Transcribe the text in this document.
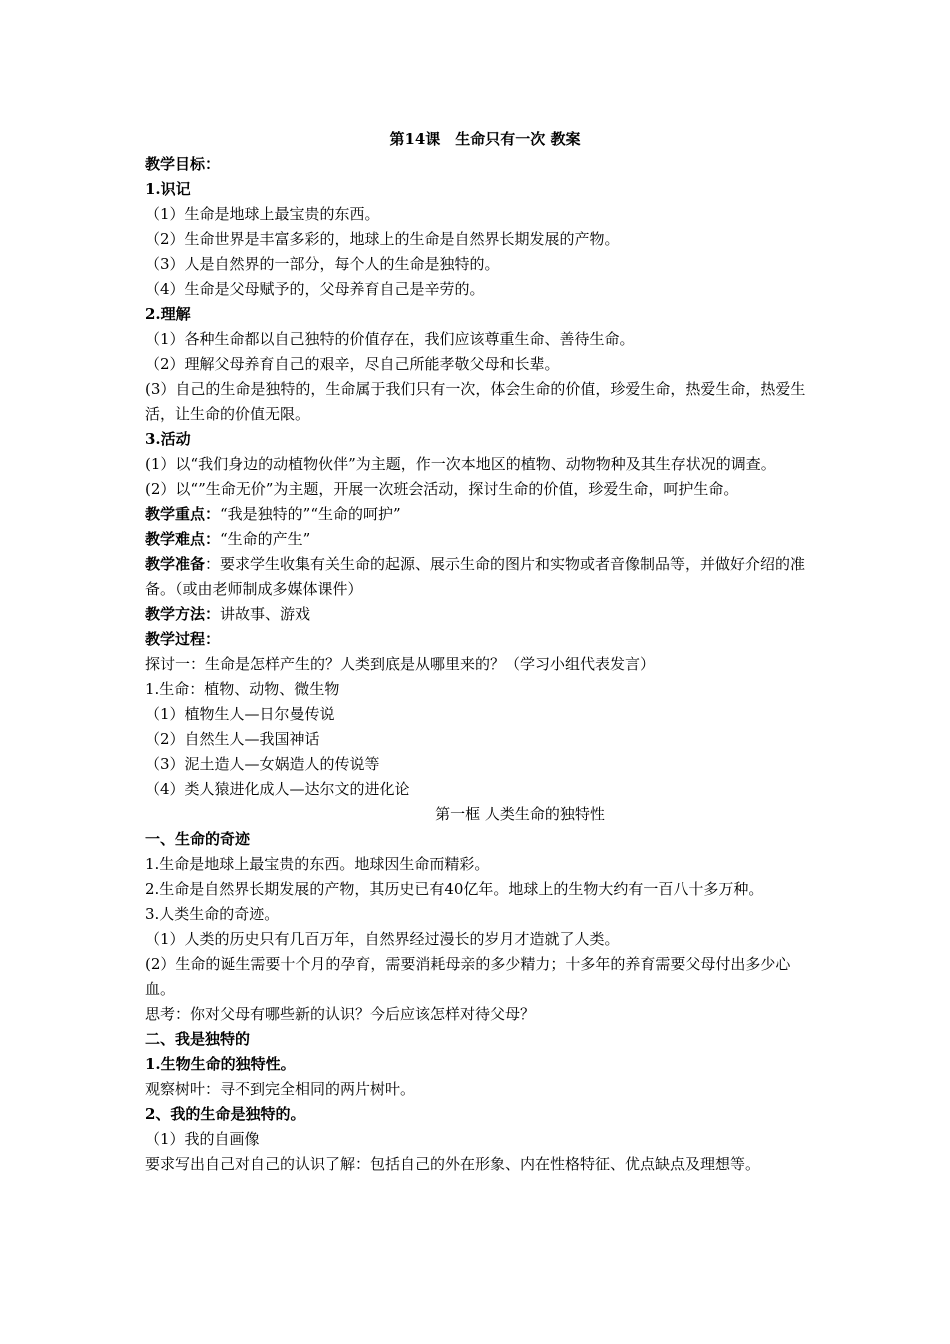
第14课　生命只有一次 教案

教学目标：

1.识记

（1）生命是地球上最宝贵的东西。

（2）生命世界是丰富多彩的，地球上的生命是自然界长期发展的产物。

（3）人是自然界的一部分，每个人的生命是独特的。

（4）生命是父母赋予的，父母养育自己是辛劳的。

2.理解

（1）各种生命都以自己独特的价值存在，我们应该尊重生命、善待生命。

（2）理解父母养育自己的艰辛，尽自己所能孝敬父母和长辈。

(3）自己的生命是独特的，生命属于我们只有一次，体会生命的价值，珍爱生命，热爱生命，热爱生活，让生命的价值无限。

3.活动

(1）以“我们身边的动植物伙伴”为主题，作一次本地区的植物、动物物种及其生存状况的调查。

(2）以“”生命无价”为主题，开展一次班会活动，探讨生命的价值，珍爱生命，呵护生命。

教学重点：“我是独特的”“生命的呵护”

教学难点：“生命的产生”

教学准备：要求学生收集有关生命的起源、展示生命的图片和实物或者音像制品等，并做好介绍的准备。（或由老师制成多媒体课件）

教学方法：讲故事、游戏

教学过程：

探讨一：生命是怎样产生的？人类到底是从哪里来的？（学习小组代表发言）

1.生命：植物、动物、微生物

（1）植物生人—日尔曼传说

（2）自然生人—我国神话

（3）泥土造人—女娲造人的传说等

（4）类人猿进化成人—达尔文的进化论

第一框 人类生命的独特性

一、生命的奇迹

1.生命是地球上最宝贵的东西。地球因生命而精彩。

2.生命是自然界长期发展的产物，其历史已有40亿年。地球上的生物大约有一百八十多万种。

3.人类生命的奇迹。

（1）人类的历史只有几百万年，自然界经过漫长的岁月才造就了人类。

(2）生命的诞生需要十个月的孕育，需要消耗母亲的多少精力；十多年的养育需要父母付出多少心血。

思考：你对父母有哪些新的认识？今后应该怎样对待父母？

二、我是独特的

1.生物生命的独特性。

观察树叶：寻不到完全相同的两片树叶。

2、我的生命是独特的。

（1）我的自画像

要求写出自己对自己的认识了解：包括自己的外在形象、内在性格特征、优点缺点及理想等。
